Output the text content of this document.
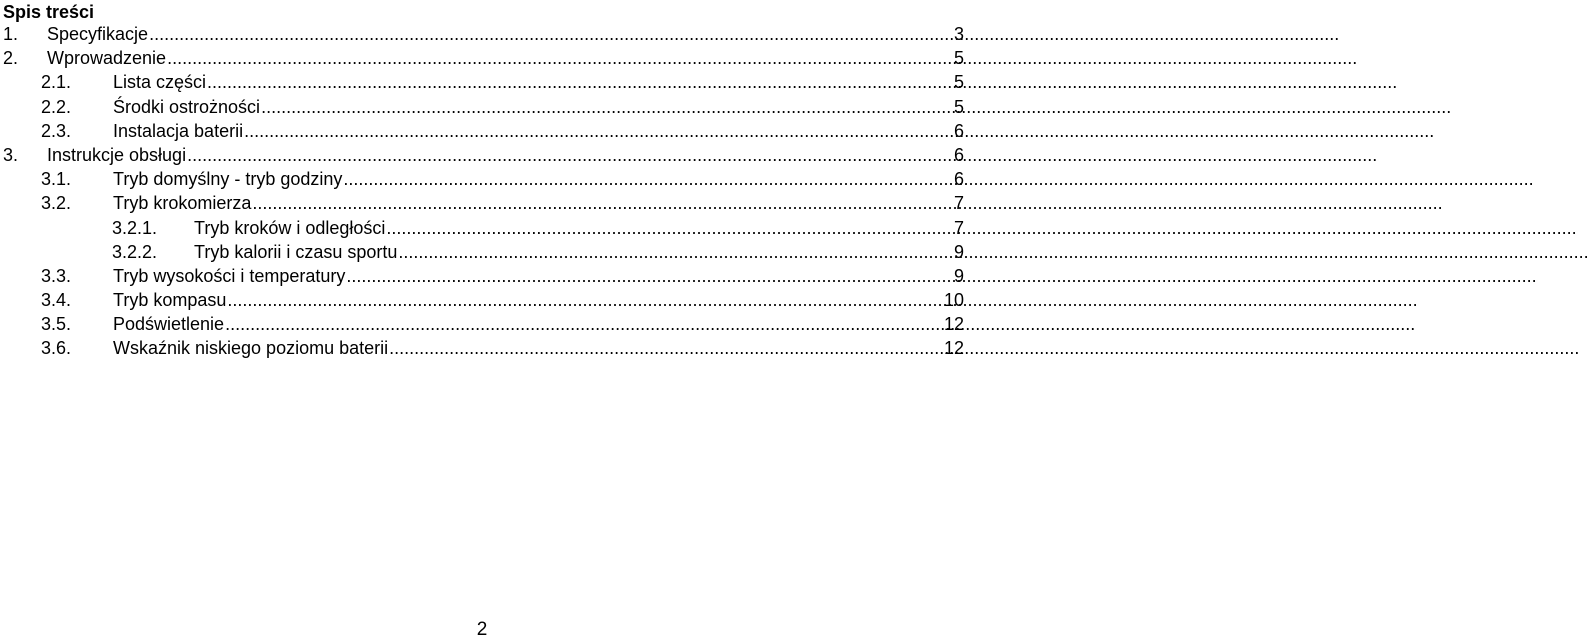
Spis treści
1. Specyfikacje .....	3
2. Wprowadzenie .....	5
2.1. Lista części .....	5
2.2. Środki ostrożności .....	5
2.3. Instalacja baterii .....	6
3. Instrukcje obsługi .....	6
3.1. Tryb domyślny - tryb godziny .....	6
3.2. Tryb krokomierza .....	7
3.2.1. Tryb kroków i odległości .....	7
3.2.2. Tryb kalorii i czasu sportu .....	9
3.3. Tryb wysokości i temperatury .....	9
3.4. Tryb kompasu .....	10
3.5. Podświetlenie .....	12
3.6. Wskaźnik niskiego poziomu baterii .....	12
2
